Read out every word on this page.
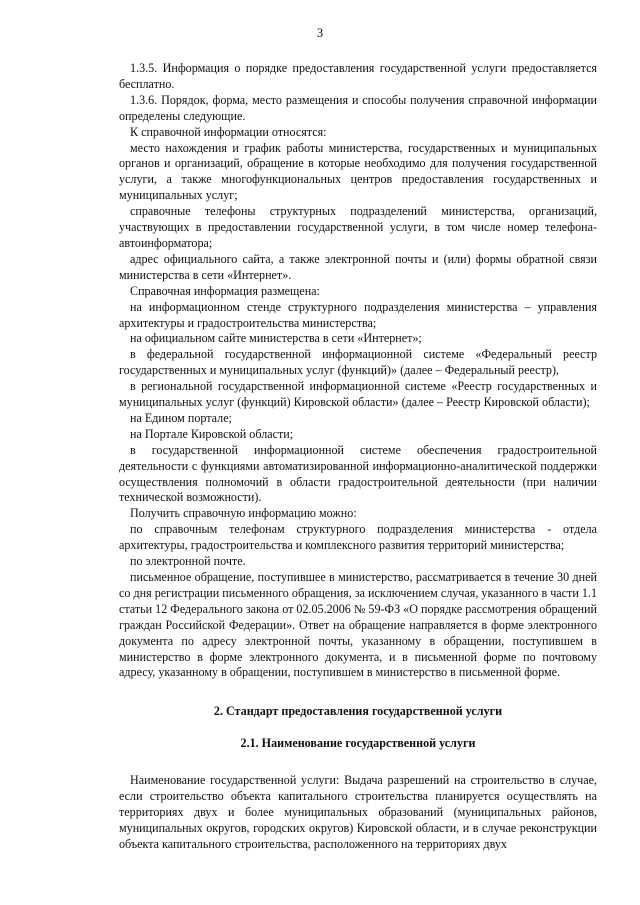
3

1.3.5. Информация о порядке предоставления государственной услуги предоставляется бесплатно.

1.3.6. Порядок, форма, место размещения и способы получения справочной информации определены следующие.

К справочной информации относятся:

место нахождения и график работы министерства, государственных и муниципальных органов и организаций, обращение в которые необходимо для получения государственной услуги, а также многофункциональных центров предоставления государственных и муниципальных услуг;

справочные телефоны структурных подразделений министерства, организаций, участвующих в предоставлении государственной услуги, в том числе номер телефона-автоинформатора;

адрес официального сайта, а также электронной почты и (или) формы обратной связи министерства в сети «Интернет».

Справочная информация размещена:

на информационном стенде структурного подразделения министерства – управления архитектуры и градостроительства министерства;

на официальном сайте министерства в сети «Интернет»;

в федеральной государственной информационной системе «Федеральный реестр государственных и муниципальных услуг (функций)» (далее – Федеральный реестр),

в региональной государственной информационной системе «Реестр государственных и муниципальных услуг (функций) Кировской области» (далее – Реестр Кировской области);

на Едином портале;

на Портале Кировской области;

в государственной информационной системе обеспечения градостроительной деятельности с функциями автоматизированной информационно-аналитической поддержки осуществления полномочий в области градостроительной деятельности (при наличии технической возможности).

Получить справочную информацию можно:

по справочным телефонам структурного подразделения министерства - отдела архитектуры, градостроительства и комплексного развития территорий министерства;

по электронной почте.

письменное обращение, поступившее в министерство, рассматривается в течение 30 дней со дня регистрации письменного обращения, за исключением случая, указанного в части 1.1 статьи 12 Федерального закона от 02.05.2006 № 59-ФЗ «О порядке рассмотрения обращений граждан Российской Федерации». Ответ на обращение направляется в форме электронного документа по адресу электронной почты, указанному в обращении, поступившем в министерство в форме электронного документа, и в письменной форме по почтовому адресу, указанному в обращении, поступившем в министерство в письменной форме.

2. Стандарт предоставления государственной услуги

2.1. Наименование государственной услуги

Наименование государственной услуги: Выдача разрешений на строительство в случае, если строительство объекта капитального строительства планируется осуществлять на территориях двух и более муниципальных образований (муниципальных районов, муниципальных округов, городских округов) Кировской области, и в случае реконструкции объекта капитального строительства, расположенного на территориях двух
